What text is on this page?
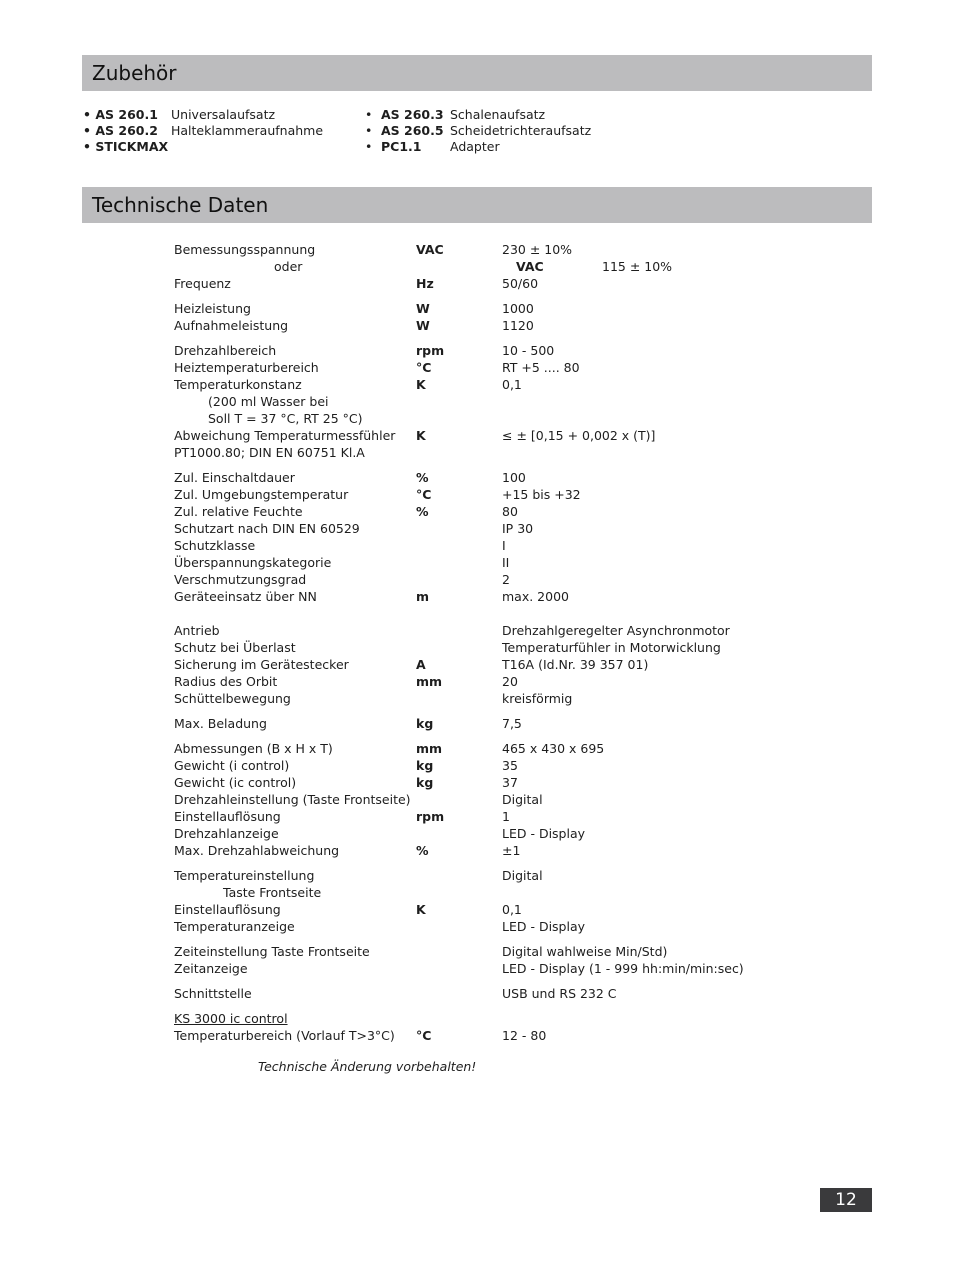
Zubehör
• AS 260.1	Universalaufsatz
• AS 260.2	Halteklammeraufnahme
• STICKMAX
• AS 260.3 Schalenaufsatz
• AS 260.5 Scheidetrichteraufsatz
• PC1.1	Adapter
Technische Daten
Bemessungsspannung	VAC	230 ± 10%
oder	VAC	115 ± 10%
Frequenz	Hz	50/60
Heizleistung	W	1000
Aufnahmeleistung	W	1120
Drehzahlbereich	rpm	10 - 500
Heiztemperaturbereich	°C	RT +5 .... 80
Temperaturkonstanz	K	0,1
(200 ml Wasser bei
Soll T = 37 °C, RT 25 °C)
Abweichung Temperaturmessfühler	K	≤ ± [0,15 + 0,002 x (T)]
PT1000.80; DIN EN 60751 Kl.A
Zul. Einschaltdauer	%	100
Zul. Umgebungstemperatur	°C	+15 bis +32
Zul. relative Feuchte	%	80
Schutzart nach DIN EN 60529	IP 30
Schutzklasse	I
Überspannungskategorie	II
Verschmutzungsgrad	2
Geräteeinsatz über NN	m	max. 2000
Antrieb	Drehzahlgeregelter Asynchronmotor
Schutz bei Überlast	Temperaturfühler in Motorwicklung
Sicherung im Gerätestecker	A	T16A (Id.Nr. 39 357 01)
Radius des Orbit	mm	20
Schüttelbewegung	kreisförmig
Max. Beladung	kg	7,5
Abmessungen (B x H x T)	mm	465 x 430 x 695
Gewicht (i control)	kg	35
Gewicht (ic control)	kg	37
Drehzahleinstellung (Taste Frontseite)	Digital
Einstellauflösung	rpm	1
Drehzahlanzeige	LED - Display
Max. Drehzahlabweichung	%	±1
Temperatureinstellung	Digital
Taste Frontseite
Einstellauflösung	K	0,1
Temperaturanzeige	LED - Display
Zeiteinstellung Taste Frontseite	Digital wahlweise Min/Std)
Zeitanzeige	LED - Display (1 - 999 hh:min/min:sec)
Schnittstelle	USB und RS 232 C
KS 3000 ic control
Temperaturbereich (Vorlauf T>3°C)	°C	12 - 80
Technische Änderung vorbehalten!
12
